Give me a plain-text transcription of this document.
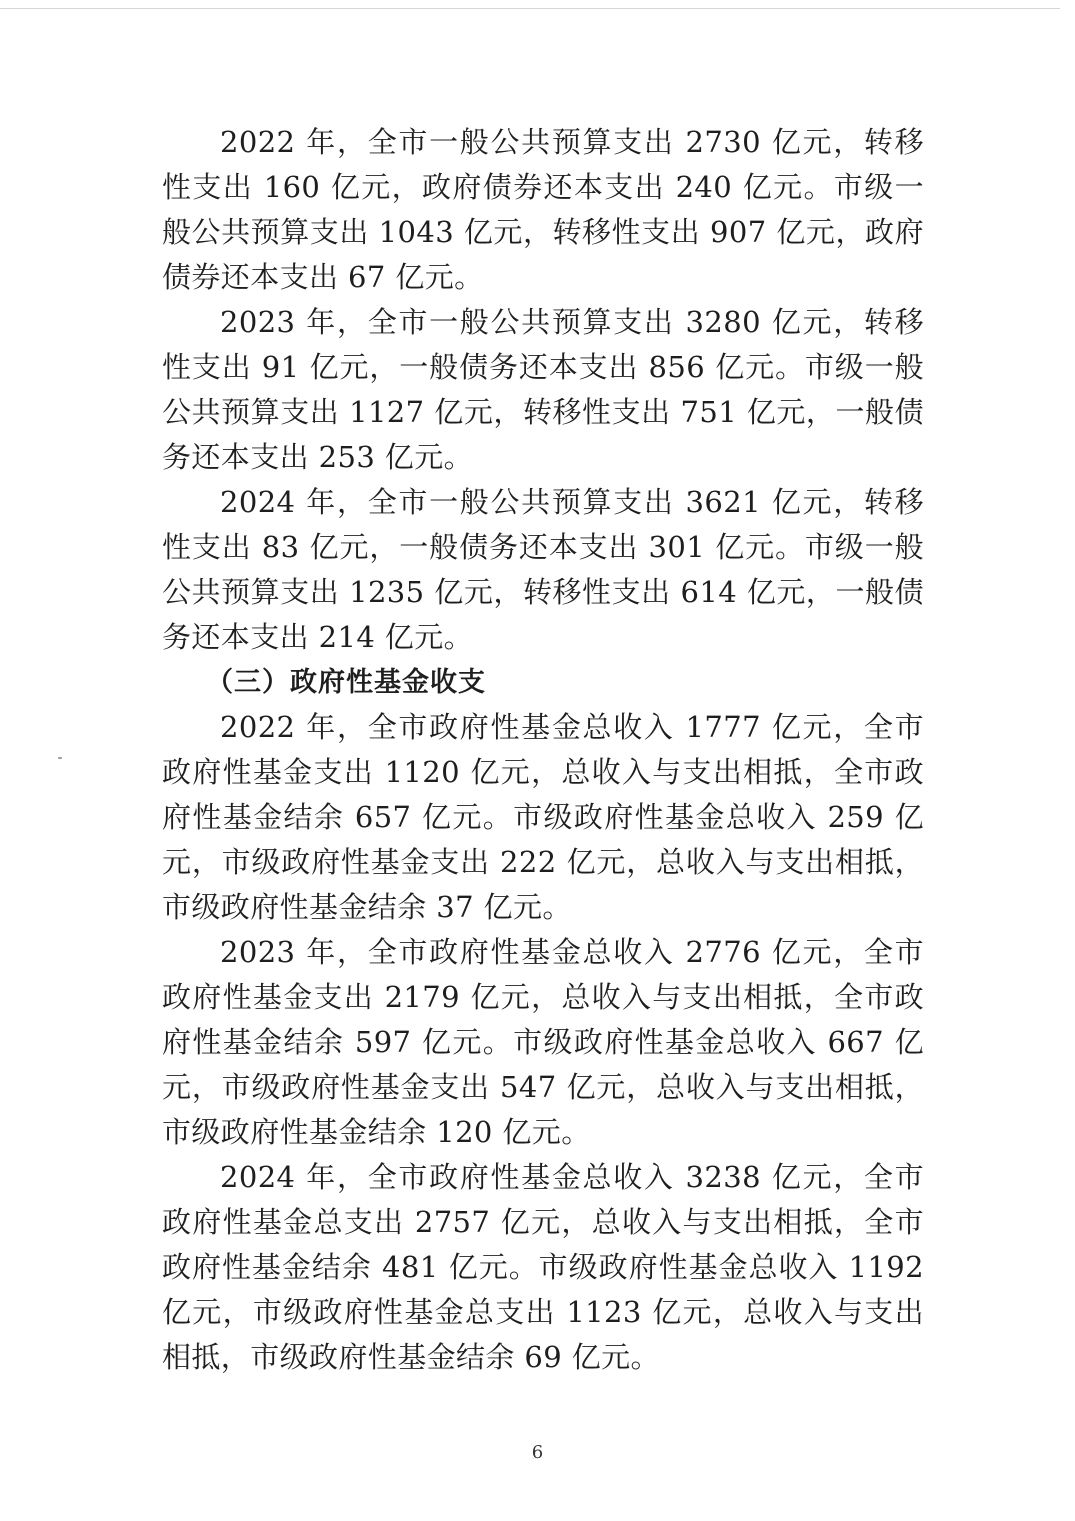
2022 年，全市一般公共预算支出 2730 亿元，转移性支出 160 亿元，政府债券还本支出 240 亿元。市级一般公共预算支出 1043 亿元，转移性支出 907 亿元，政府债券还本支出 67 亿元。

2023 年，全市一般公共预算支出 3280 亿元，转移性支出 91 亿元，一般债务还本支出 856 亿元。市级一般公共预算支出 1127 亿元，转移性支出 751 亿元，一般债务还本支出 253 亿元。

2024 年，全市一般公共预算支出 3621 亿元，转移性支出 83 亿元，一般债务还本支出 301 亿元。市级一般公共预算支出 1235 亿元，转移性支出 614 亿元，一般债务还本支出 214 亿元。

（三）政府性基金收支

2022 年，全市政府性基金总收入 1777 亿元，全市政府性基金支出 1120 亿元，总收入与支出相抵，全市政府性基金结余 657 亿元。市级政府性基金总收入 259 亿元，市级政府性基金支出 222 亿元，总收入与支出相抵，市级政府性基金结余 37 亿元。

2023 年，全市政府性基金总收入 2776 亿元，全市政府性基金支出 2179 亿元，总收入与支出相抵，全市政府性基金结余 597 亿元。市级政府性基金总收入 667 亿元，市级政府性基金支出 547 亿元，总收入与支出相抵，市级政府性基金结余 120 亿元。

2024 年，全市政府性基金总收入 3238 亿元，全市政府性基金总支出 2757 亿元，总收入与支出相抵，全市政府性基金结余 481 亿元。市级政府性基金总收入 1192 亿元，市级政府性基金总支出 1123 亿元，总收入与支出相抵，市级政府性基金结余 69 亿元。

6
